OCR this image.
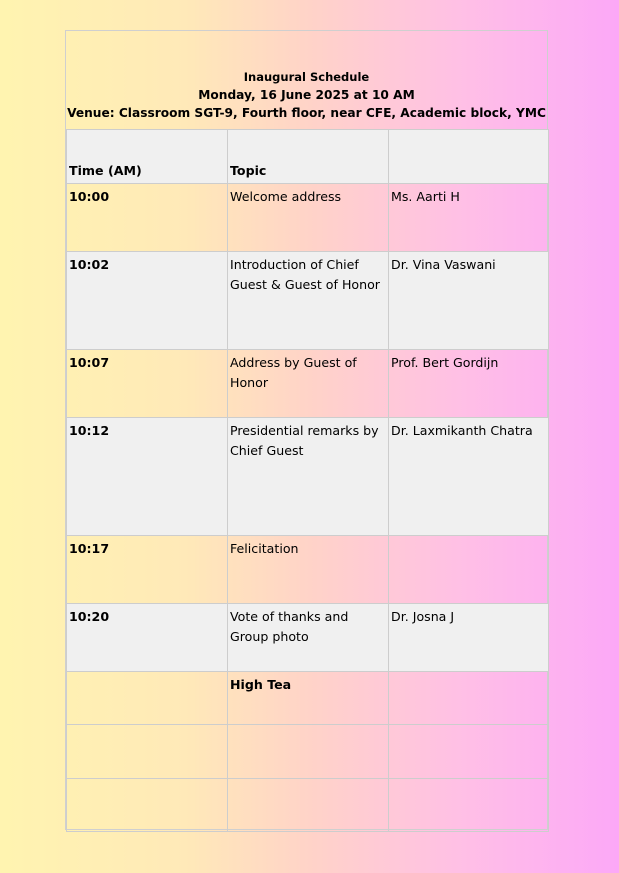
Inaugural Schedule
Monday, 16 June 2025 at 10 AM
Venue: Classroom SGT-9, Fourth floor, near CFE, Academic block, YMC
Time (AM)	Topic	
10:00	Welcome address	Ms. Aarti H
10:02	Introduction of Chief Guest & Guest of Honor	Dr. Vina Vaswani
10:07	Address by Guest of Honor	Prof. Bert Gordijn
10:12	Presidential remarks by Chief Guest	Dr. Laxmikanth Chatra
10:17	Felicitation	
10:20	Vote of thanks and Group photo	Dr. Josna J
	High Tea	
